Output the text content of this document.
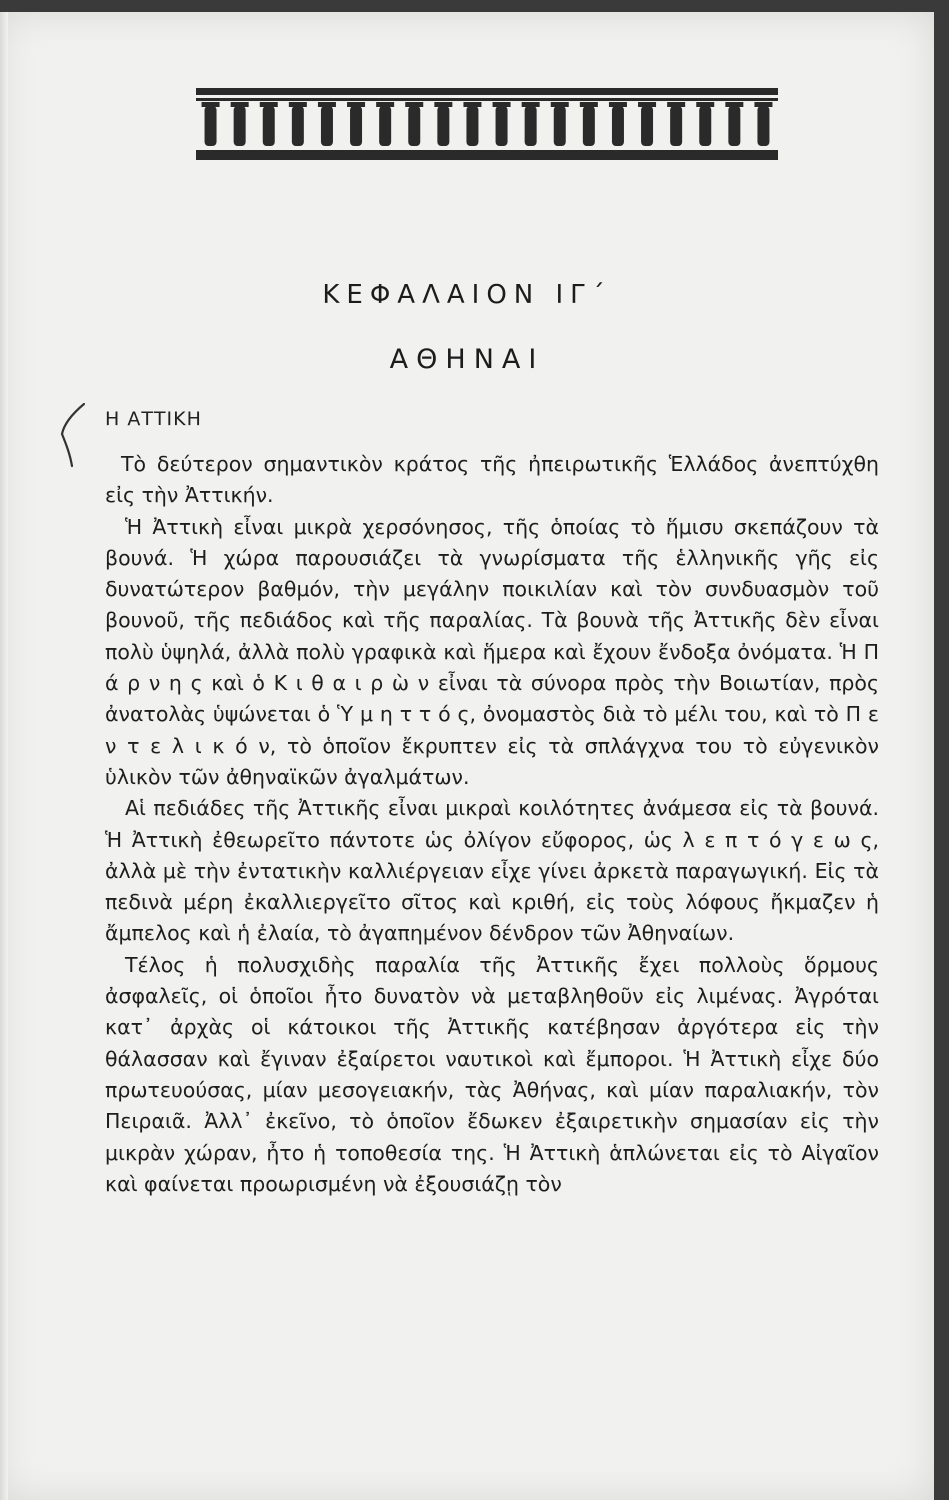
ΚΕΦΑΛΑΙΟΝ ΙΓ΄
ΑΘΗΝΑΙ
Η ΑΤΤΙΚΗ

Τὸ δεύτερον σημαντικὸν κράτος τῆς ἠπειρωτικῆς Ἑλλάδος ἀνεπτύχθη εἰς τὴν Ἀττικήν.

Ἡ Ἀττικὴ εἶναι μικρὰ χερσόνησος, τῆς ὁποίας τὸ ἥμισυ σκεπάζουν τὰ βουνά. Ἡ χώρα παρουσιάζει τὰ γνωρίσματα τῆς ἑλληνικῆς γῆς εἰς δυνατώτερον βαθμόν, τὴν μεγάλην ποικιλίαν καὶ τὸν συνδυασμὸν τοῦ βουνοῦ, τῆς πεδιάδος καὶ τῆς παραλίας. Τὰ βουνὰ τῆς Ἀττικῆς δὲν εἶναι πολὺ ὑψηλά, ἀλλὰ πολὺ γραφικὰ καὶ ἥμερα καὶ ἔχουν ἔνδοξα ὀνόματα. Ἡ Π ά ρ ν η ς καὶ ὁ Κ ι θ α ι ρ ὼ ν εἶναι τὰ σύνορα πρὸς τὴν Βοιωτίαν, πρὸς ἀνατολὰς ὑψώνεται ὁ Ὑ μ η τ τ ό ς, ὀνομαστὸς διὰ τὸ μέλι του, καὶ τὸ Π ε ν τ ε λ ι κ ό ν, τὸ ὁποῖον ἔκρυπτεν εἰς τὰ σπλάγχνα του τὸ εὐγενικὸν ὑλικὸν τῶν ἀθηναϊκῶν ἀγαλμάτων.

Αἱ πεδιάδες τῆς Ἀττικῆς εἶναι μικραὶ κοιλότητες ἀνάμεσα εἰς τὰ βουνά. Ἡ Ἀττικὴ ἐθεωρεῖτο πάντοτε ὡς ὀλίγον εὔφορος, ὡς λ ε π τ ό γ ε ω ς, ἀλλὰ μὲ τὴν ἐντατικὴν καλλιέργειαν εἶχε γίνει ἀρκετὰ παραγωγική. Εἰς τὰ πεδινὰ μέρη ἐκαλλιεργεῖτο σῖτος καὶ κριθή, εἰς τοὺς λόφους ἤκμαζεν ἡ ἄμπελος καὶ ἡ ἐλαία, τὸ ἀγαπημένον δένδρον τῶν Ἀθηναίων.

Τέλος ἡ πολυσχιδὴς παραλία τῆς Ἀττικῆς ἔχει πολλοὺς ὅρμους ἀσφαλεῖς, οἱ ὁποῖοι ἦτο δυνατὸν νὰ μεταβληθοῦν εἰς λιμένας. Ἀγρόται κατ᾽ ἀρχὰς οἱ κάτοικοι τῆς Ἀττικῆς κατέβησαν ἀργότερα εἰς τὴν θάλασσαν καὶ ἔγιναν ἐξαίρετοι ναυτικοὶ καὶ ἔμποροι. Ἡ Ἀττικὴ εἶχε δύο πρωτευούσας, μίαν μεσογειακήν, τὰς Ἀθήνας, καὶ μίαν παραλιακήν, τὸν Πειραιᾶ. Ἀλλ᾽ ἐκεῖνο, τὸ ὁποῖον ἔδωκεν ἐξαιρετικὴν σημασίαν εἰς τὴν μικρὰν χώραν, ἦτο ἡ τοποθεσία της. Ἡ Ἀττικὴ ἁπλώνεται εἰς τὸ Αἰγαῖον καὶ φαίνεται προωρισμένη νὰ ἐξουσιάζῃ τὸν
